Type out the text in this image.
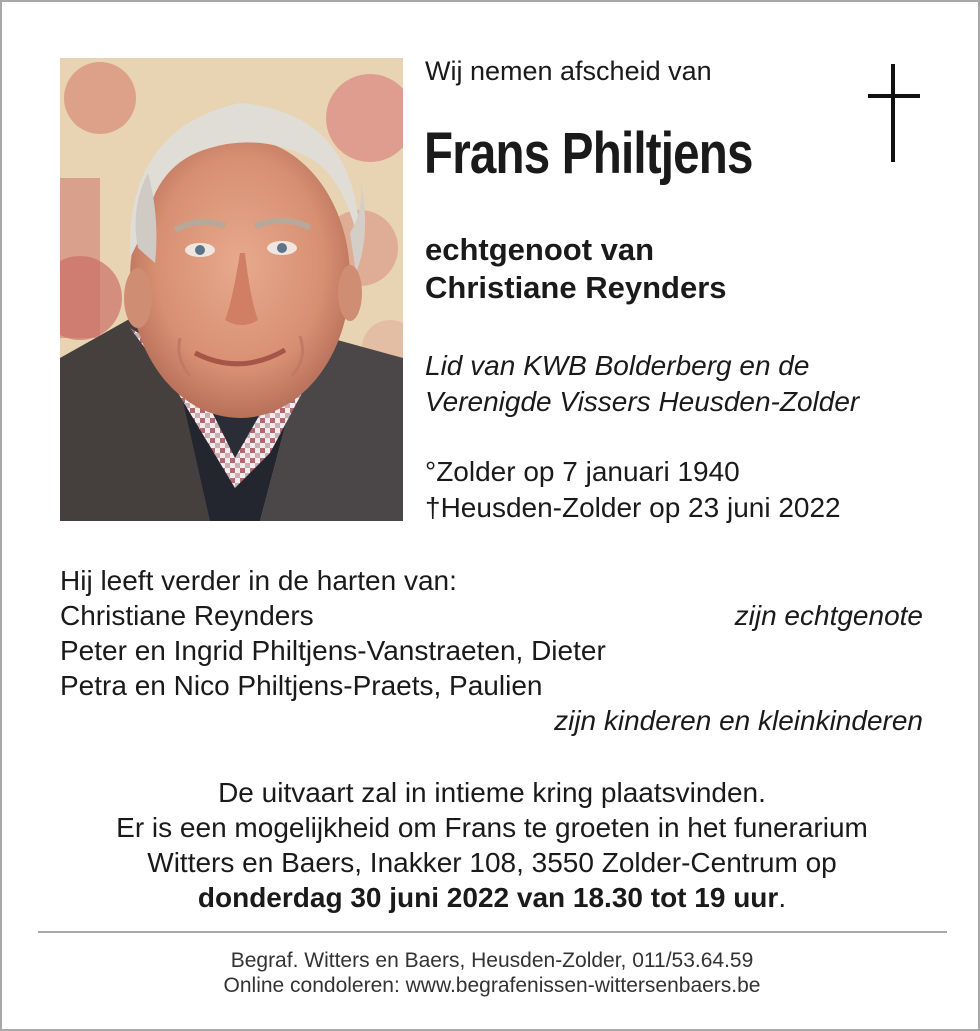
Wij nemen afscheid van
Frans Philtjens
echtgenoot van
Christiane Reynders
Lid van KWB Bolderberg en de
Verenigde Vissers Heusden-Zolder
°Zolder op 7 januari 1940
†Heusden-Zolder op 23 juni 2022
Hij leeft verder in de harten van:
Christiane Reynders	zijn echtgenote
Peter en Ingrid Philtjens-Vanstraeten, Dieter
Petra en Nico Philtjens-Praets, Paulien
zijn kinderen en kleinkinderen
De uitvaart zal in intieme kring plaatsvinden.
Er is een mogelijkheid om Frans te groeten in het funerarium
Witters en Baers, Inakker 108, 3550 Zolder-Centrum op
donderdag 30 juni 2022 van 18.30 tot 19 uur.
Begraf. Witters en Baers, Heusden-Zolder, 011/53.64.59
Online condoleren: www.begrafenissen-wittersenbaers.be
